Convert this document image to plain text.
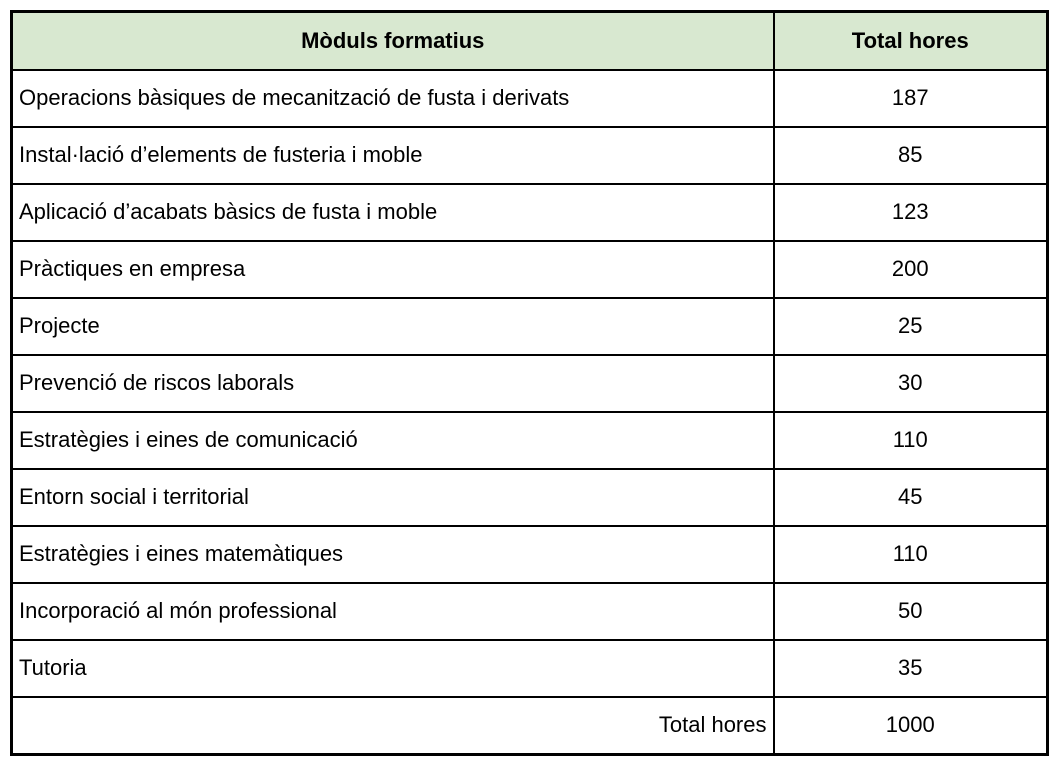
Mòduls formatius	Total hores
Operacions bàsiques de mecanització de fusta i derivats	187
Instal·lació d’elements de fusteria i moble	85
Aplicació d’acabats bàsics de fusta i moble	123
Pràctiques en empresa	200
Projecte	25
Prevenció de riscos laborals	30
Estratègies i eines de comunicació	110
Entorn social i territorial	45
Estratègies i eines matemàtiques	110
Incorporació al món professional	50
Tutoria	35
Total hores	1000
